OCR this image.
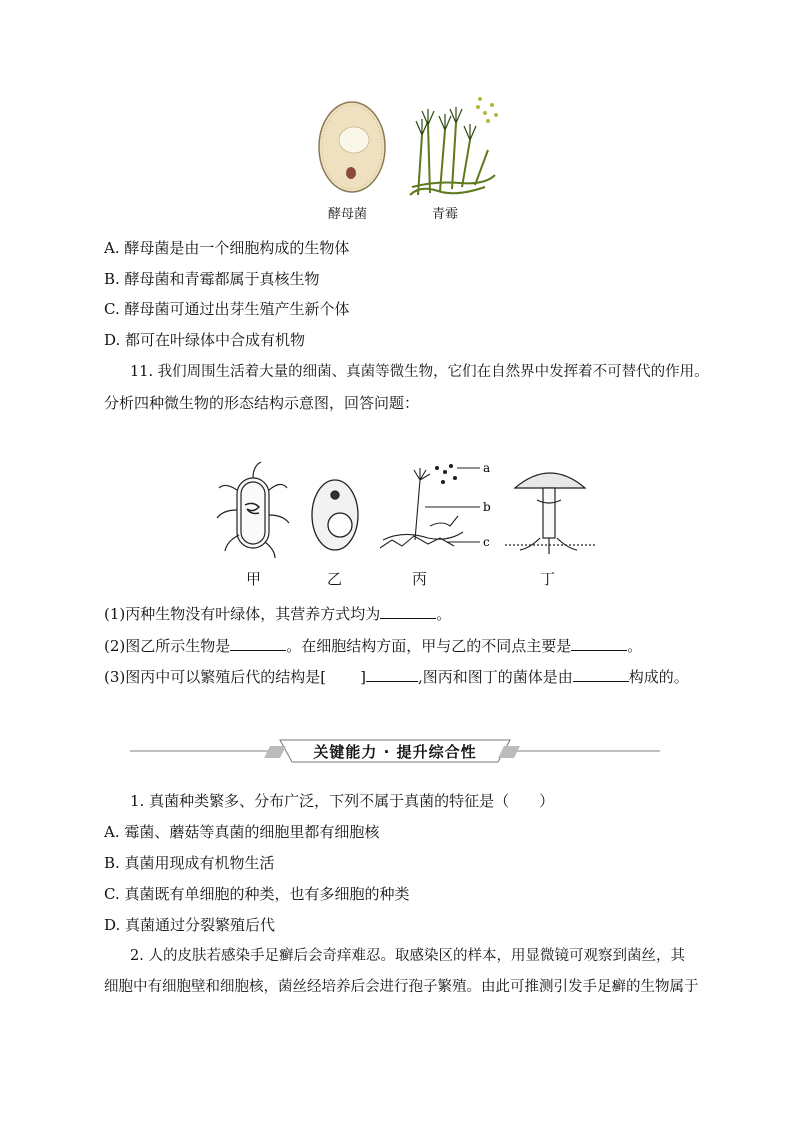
酵母菌	青霉
A. 酵母菌是由一个细胞构成的生物体
B. 酵母菌和青霉都属于真核生物
C. 酵母菌可通过出芽生殖产生新个体
D. 都可在叶绿体中合成有机物
11. 我们周围生活着大量的细菌、真菌等微生物，它们在自然界中发挥着不可替代的作用。
分析四种微生物的形态结构示意图，回答问题：
a
b
c
甲	乙	丙	丁
(1)丙种生物没有叶绿体，其营养方式均为	。
(2)图乙所示生物是	。在细胞结构方面，甲与乙的不同点主要是	。
(3)图丙中可以繁殖后代的结构是[ ]	,图丙和图丁的菌体是由	构成的。
关键能力 · 提升综合性
1. 真菌种类繁多、分布广泛，下列不属于真菌的特征是（　　）
A. 霉菌、蘑菇等真菌的细胞里都有细胞核
B. 真菌用现成有机物生活
C. 真菌既有单细胞的种类，也有多细胞的种类
D. 真菌通过分裂繁殖后代
2. 人的皮肤若感染手足癣后会奇痒难忍。取感染区的样本，用显微镜可观察到菌丝，其
细胞中有细胞壁和细胞核，菌丝经培养后会进行孢子繁殖。由此可推测引发手足癣的生物属于
